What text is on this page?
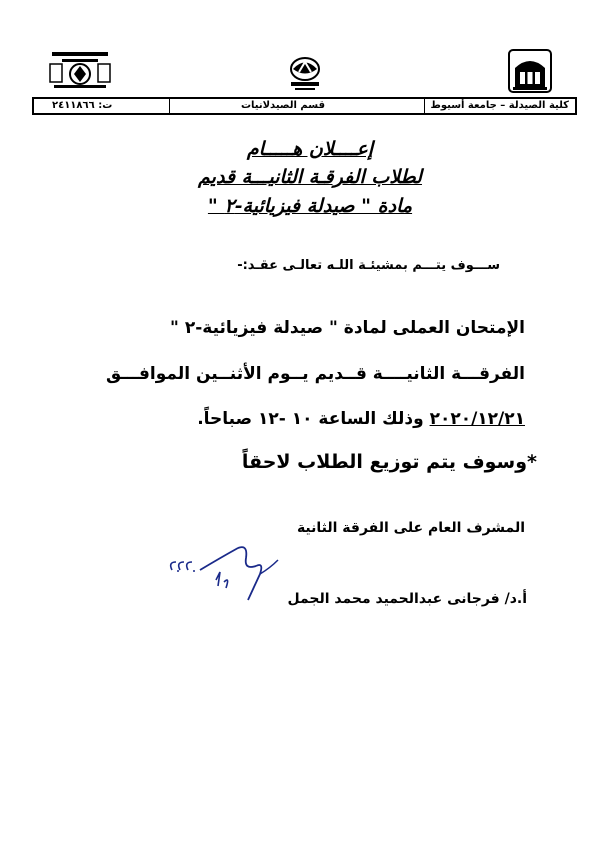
كلية الصيدلة – جامعة أسيوط
قسم الصيدلانيات
ت: ٢٤١١٨٦٦
إعــــلان هـــــام
لطلاب الفرقـة الثانيـــة قديم
مادة " صيدلة فيزيائية-٢ "
ســـوف يتـــم بمشيئـة اللـه تعالـى عقـد:-
الإمتحان العملى لمادة " صيدلة فيزيائية-٢ "
الفرقـــة الثانيــــة قــديم يــوم الأثنــين الموافـــق
٢٠٢٠/١٢/٢١ وذلك الساعة ١٠ -١٢ صباحاً.
*وسوف يتم توزيع الطلاب لاحقاً
المشرف العام على الفرقة الثانية
أ.د/ فرجانى عبدالحميد محمد الجمل
